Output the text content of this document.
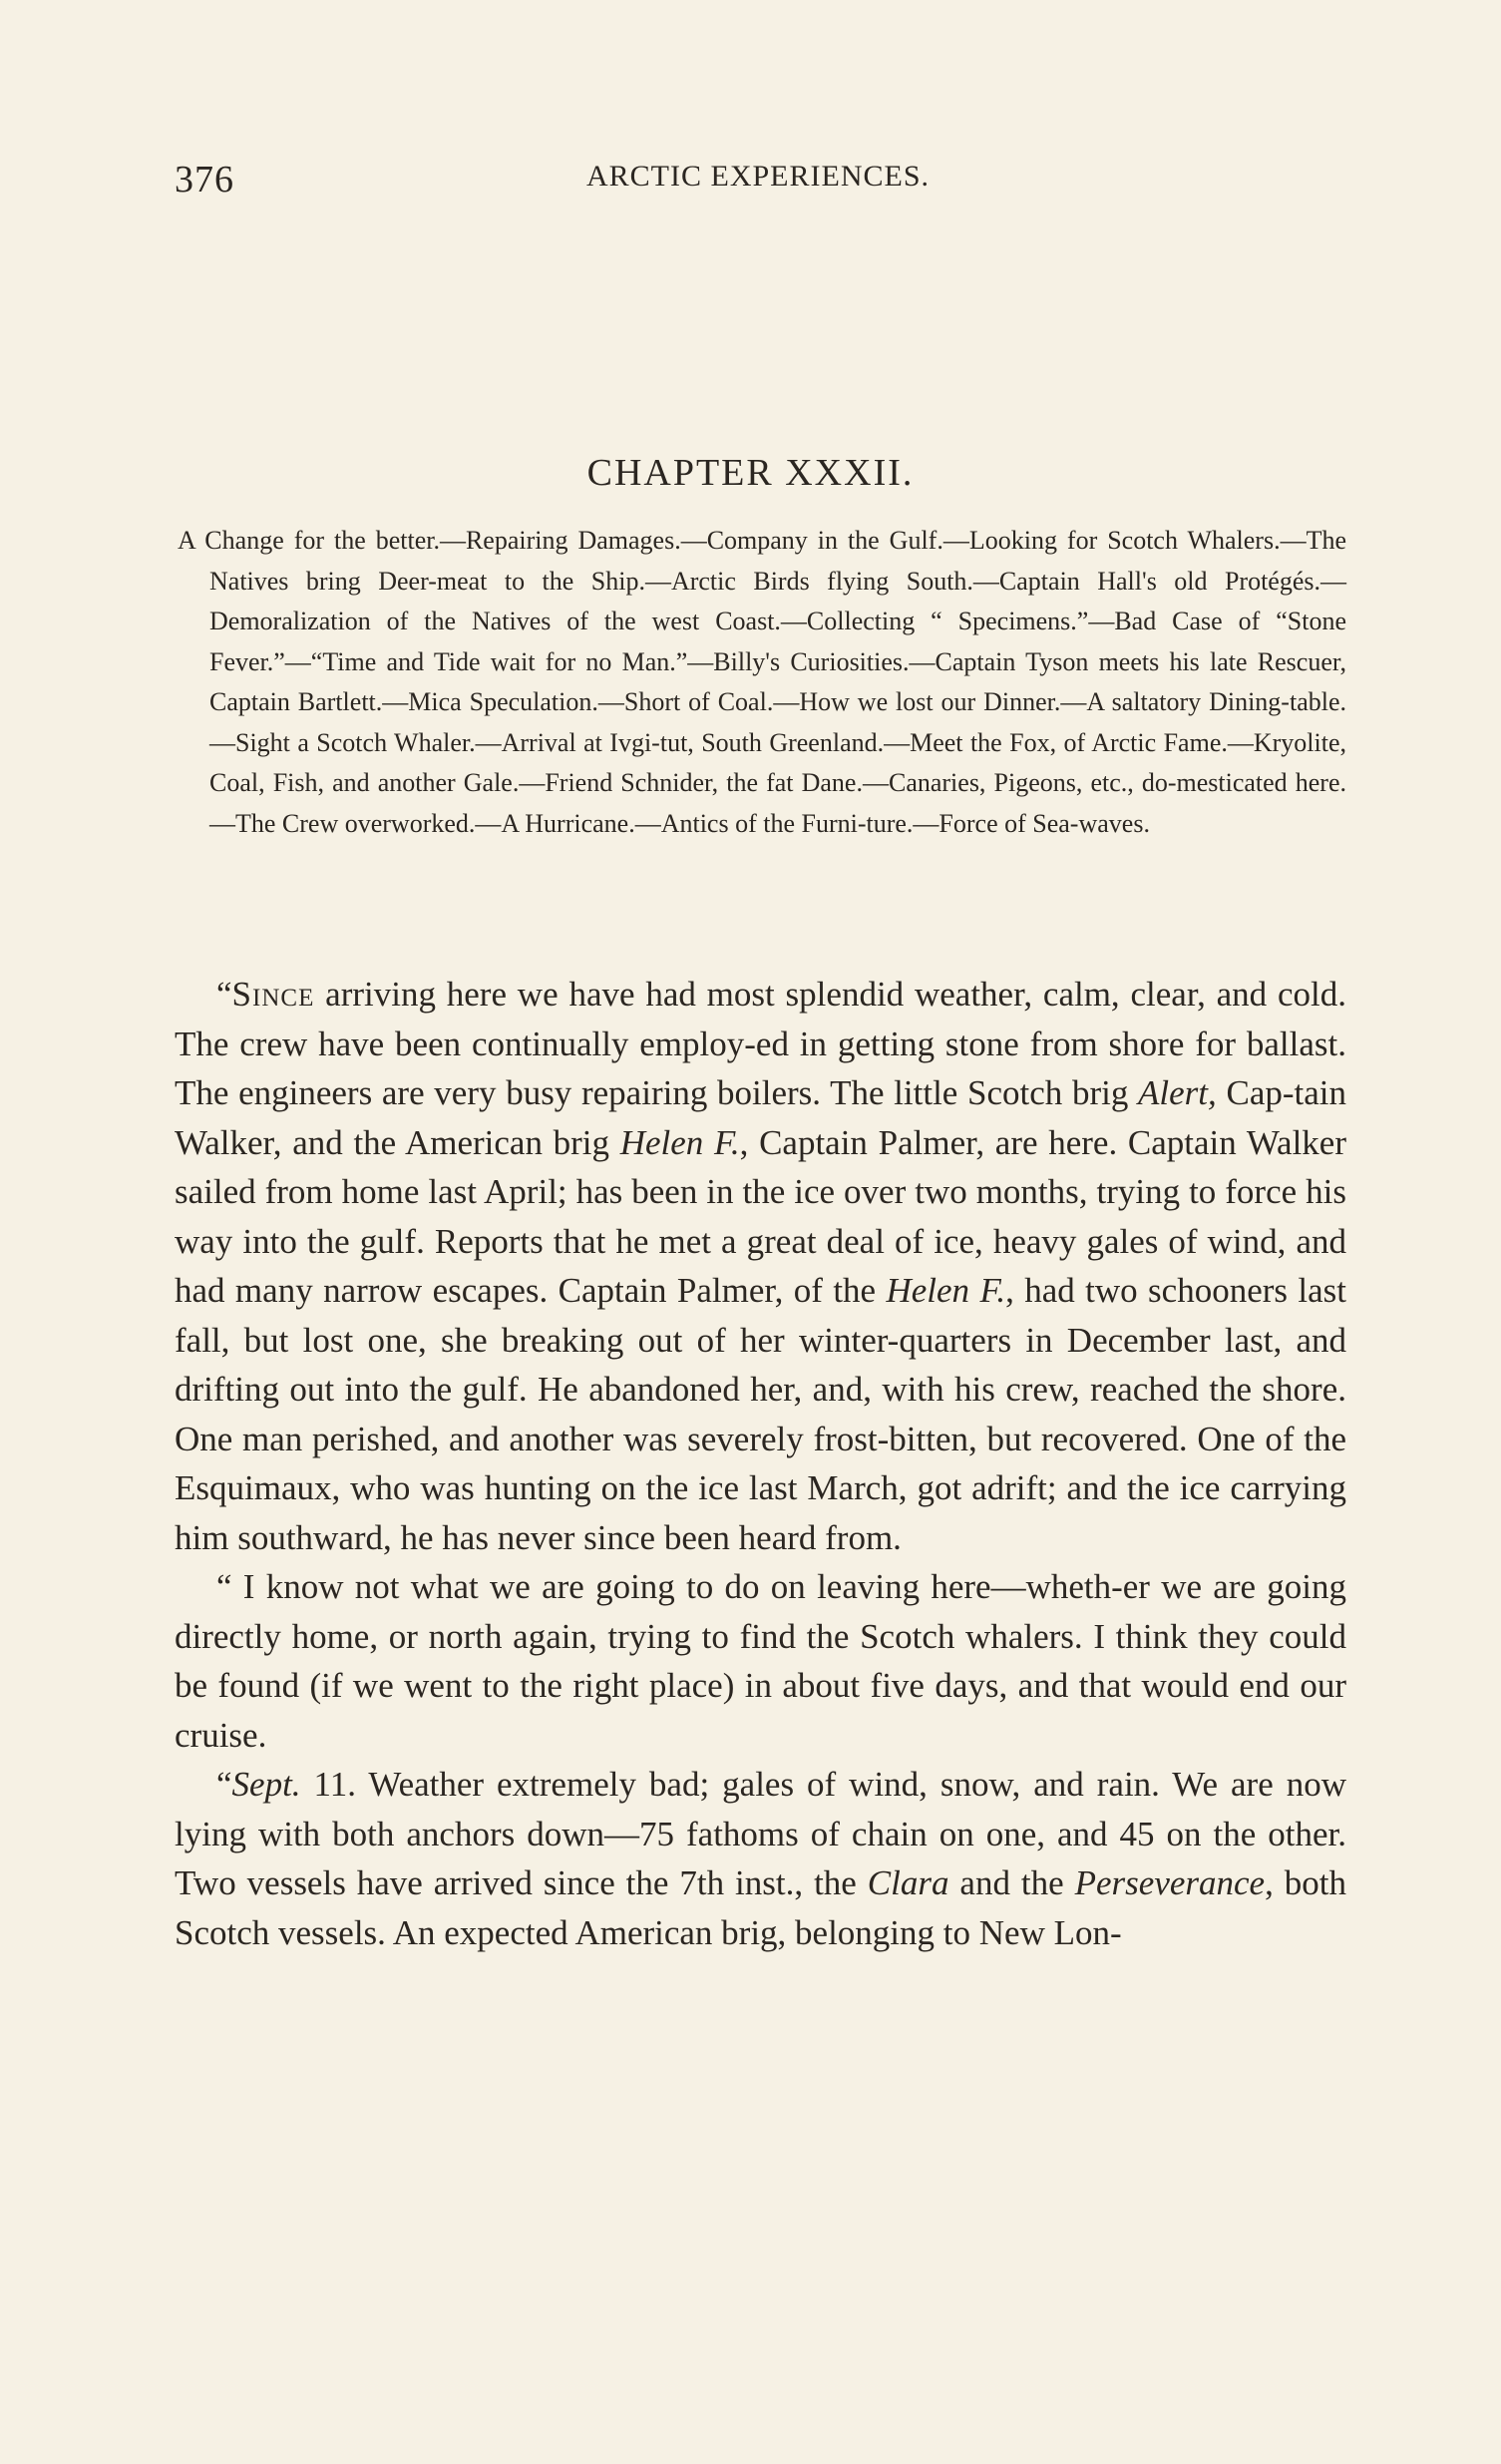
376	ARCTIC EXPERIENCES.
CHAPTER XXXII.
A Change for the better.—Repairing Damages.—Company in the Gulf.—Looking for Scotch Whalers.—The Natives bring Deer-meat to the Ship.—Arctic Birds flying South.—Captain Hall's old Protégés.—Demoralization of the Natives of the west Coast.—Collecting “ Specimens.”—Bad Case of “Stone Fever.”—“Time and Tide wait for no Man.”—Billy's Curiosities.—Captain Tyson meets his late Rescuer, Captain Bartlett.—Mica Speculation.—Short of Coal.—How we lost our Dinner.—A saltatory Dining-table.—Sight a Scotch Whaler.—Arrival at Ivgi-tut, South Greenland.—Meet the Fox, of Arctic Fame.—Kryolite, Coal, Fish, and another Gale.—Friend Schnider, the fat Dane.—Canaries, Pigeons, etc., do-mesticated here.—The Crew overworked.—A Hurricane.—Antics of the Furni-ture.—Force of Sea-waves.

“Since arriving here we have had most splendid weather, calm, clear, and cold. The crew have been continually employ-ed in getting stone from shore for ballast. The engineers are very busy repairing boilers. The little Scotch brig Alert, Cap-tain Walker, and the American brig Helen F., Captain Palmer, are here. Captain Walker sailed from home last April; has been in the ice over two months, trying to force his way into the gulf. Reports that he met a great deal of ice, heavy gales of wind, and had many narrow escapes. Captain Palmer, of the Helen F., had two schooners last fall, but lost one, she breaking out of her winter-quarters in December last, and drifting out into the gulf. He abandoned her, and, with his crew, reached the shore. One man perished, and another was severely frost-bitten, but recovered. One of the Esquimaux, who was hunting on the ice last March, got adrift; and the ice carrying him southward, he has never since been heard from.

“ I know not what we are going to do on leaving here—wheth-er we are going directly home, or north again, trying to find the Scotch whalers. I think they could be found (if we went to the right place) in about five days, and that would end our cruise.

“Sept. 11. Weather extremely bad; gales of wind, snow, and rain. We are now lying with both anchors down—75 fathoms of chain on one, and 45 on the other. Two vessels have arrived since the 7th inst., the Clara and the Perseverance, both Scotch vessels. An expected American brig, belonging to New Lon-
